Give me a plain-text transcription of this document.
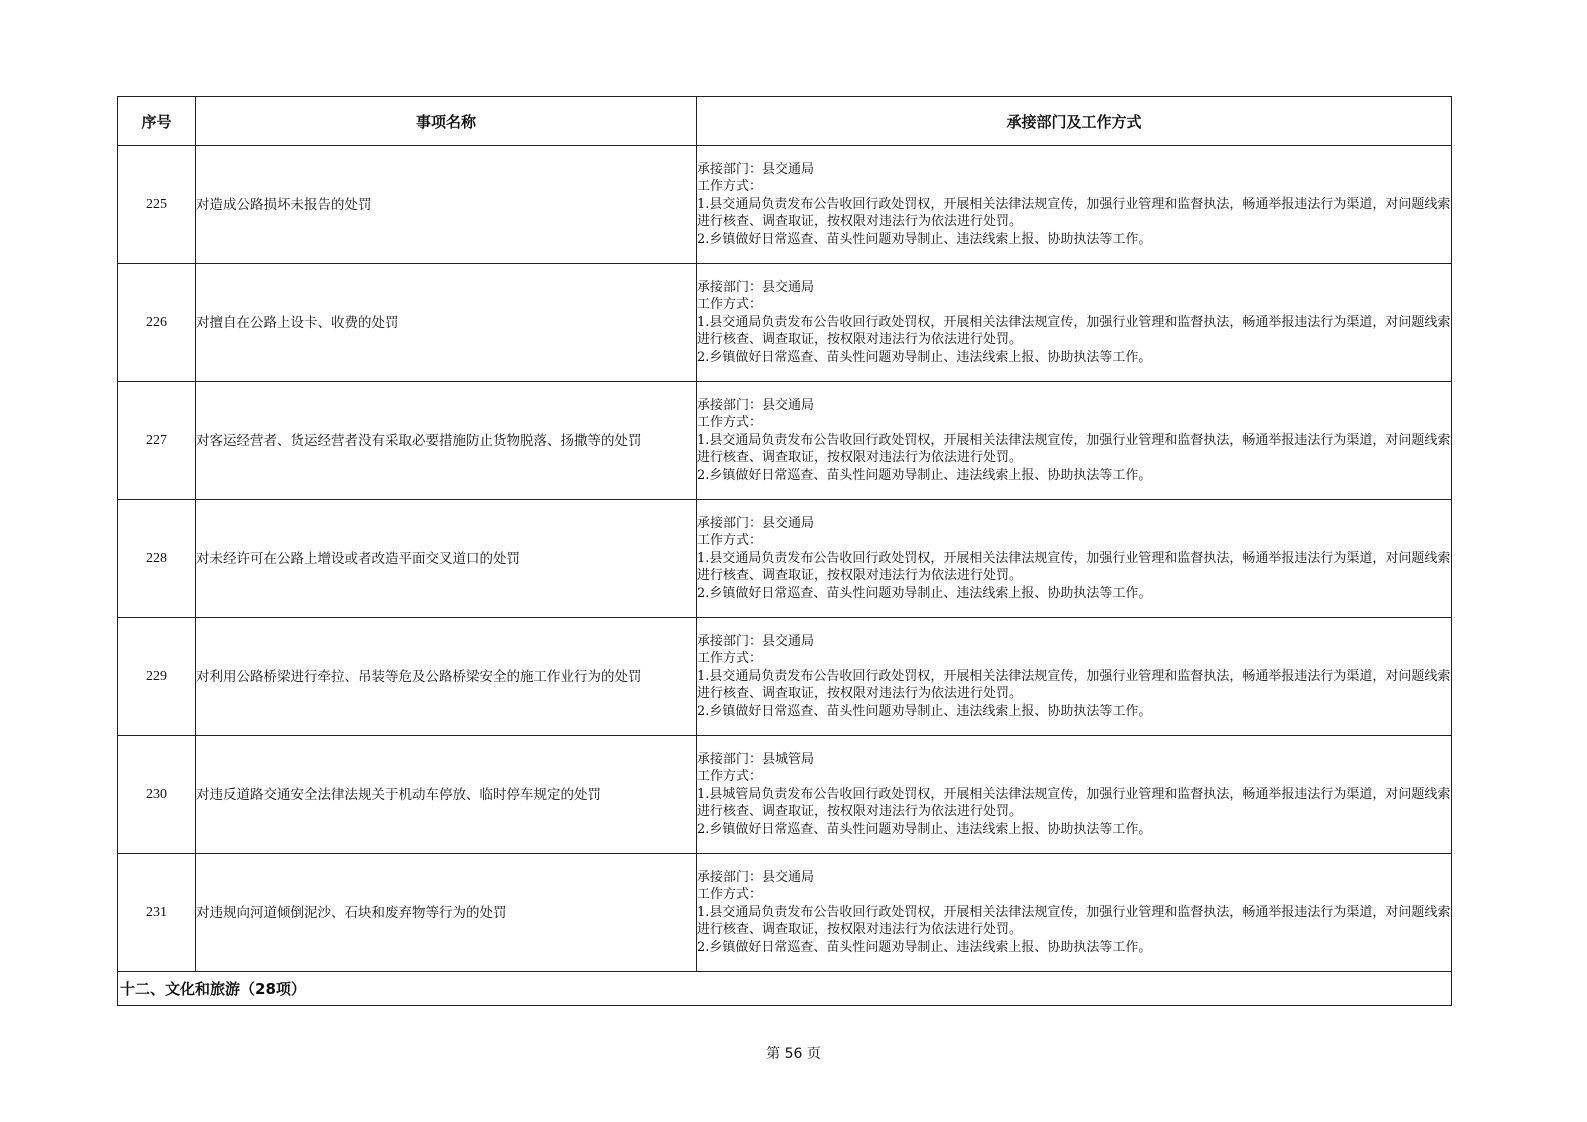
序号	事项名称	承接部门及工作方式
225	对造成公路损坏未报告的处罚	承接部门：县交通局
工作方式：
1.县交通局负责发布公告收回行政处罚权，开展相关法律法规宣传，加强行业管理和监督执法，畅通举报违法行为渠道，对问题线索进行核查、调查取证，按权限对违法行为依法进行处罚。
2.乡镇做好日常巡查、苗头性问题劝导制止、违法线索上报、协助执法等工作。

226	对擅自在公路上设卡、收费的处罚	承接部门：县交通局
工作方式：
1.县交通局负责发布公告收回行政处罚权，开展相关法律法规宣传，加强行业管理和监督执法，畅通举报违法行为渠道，对问题线索进行核查、调查取证，按权限对违法行为依法进行处罚。
2.乡镇做好日常巡查、苗头性问题劝导制止、违法线索上报、协助执法等工作。

227	对客运经营者、货运经营者没有采取必要措施防止货物脱落、扬撒等的处罚	承接部门：县交通局
工作方式：
1.县交通局负责发布公告收回行政处罚权，开展相关法律法规宣传，加强行业管理和监督执法，畅通举报违法行为渠道，对问题线索进行核查、调查取证，按权限对违法行为依法进行处罚。
2.乡镇做好日常巡查、苗头性问题劝导制止、违法线索上报、协助执法等工作。

228	对未经许可在公路上增设或者改造平面交叉道口的处罚	承接部门：县交通局
工作方式：
1.县交通局负责发布公告收回行政处罚权，开展相关法律法规宣传，加强行业管理和监督执法，畅通举报违法行为渠道，对问题线索进行核查、调查取证，按权限对违法行为依法进行处罚。
2.乡镇做好日常巡查、苗头性问题劝导制止、违法线索上报、协助执法等工作。

229	对利用公路桥梁进行牵拉、吊装等危及公路桥梁安全的施工作业行为的处罚	承接部门：县交通局
工作方式：
1.县交通局负责发布公告收回行政处罚权，开展相关法律法规宣传，加强行业管理和监督执法，畅通举报违法行为渠道，对问题线索进行核查、调查取证，按权限对违法行为依法进行处罚。
2.乡镇做好日常巡查、苗头性问题劝导制止、违法线索上报、协助执法等工作。

230	对违反道路交通安全法律法规关于机动车停放、临时停车规定的处罚	承接部门：县城管局
工作方式：
1.县城管局负责发布公告收回行政处罚权，开展相关法律法规宣传，加强行业管理和监督执法，畅通举报违法行为渠道，对问题线索进行核查、调查取证，按权限对违法行为依法进行处罚。
2.乡镇做好日常巡查、苗头性问题劝导制止、违法线索上报、协助执法等工作。

231	对违规向河道倾倒泥沙、石块和废弃物等行为的处罚	承接部门：县交通局
工作方式：
1.县交通局负责发布公告收回行政处罚权，开展相关法律法规宣传，加强行业管理和监督执法，畅通举报违法行为渠道，对问题线索进行核查、调查取证，按权限对违法行为依法进行处罚。
2.乡镇做好日常巡查、苗头性问题劝导制止、违法线索上报、协助执法等工作。

十二、文化和旅游（28项）		
第 56 页
